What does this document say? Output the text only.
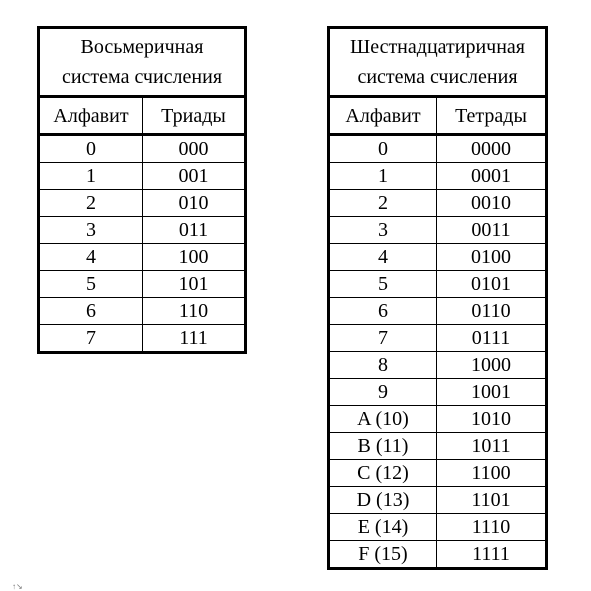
Восьмеричная
система счисления	

Алфавит	Триады
0	000
1	001
2	010
3	011
4	100
5	101
6	110
7	111
Шестнадцатиричная
система счисления	

Алфавит	Тетрады
0	0000
1	0001
2	0010
3	0011
4	0100
5	0101
6	0110
7	0111
8	1000
9	1001
A (10)	1010
B (11)	1011
C (12)	1100
D (13)	1101
E (14)	1110
F (15)	1111
↑↘
